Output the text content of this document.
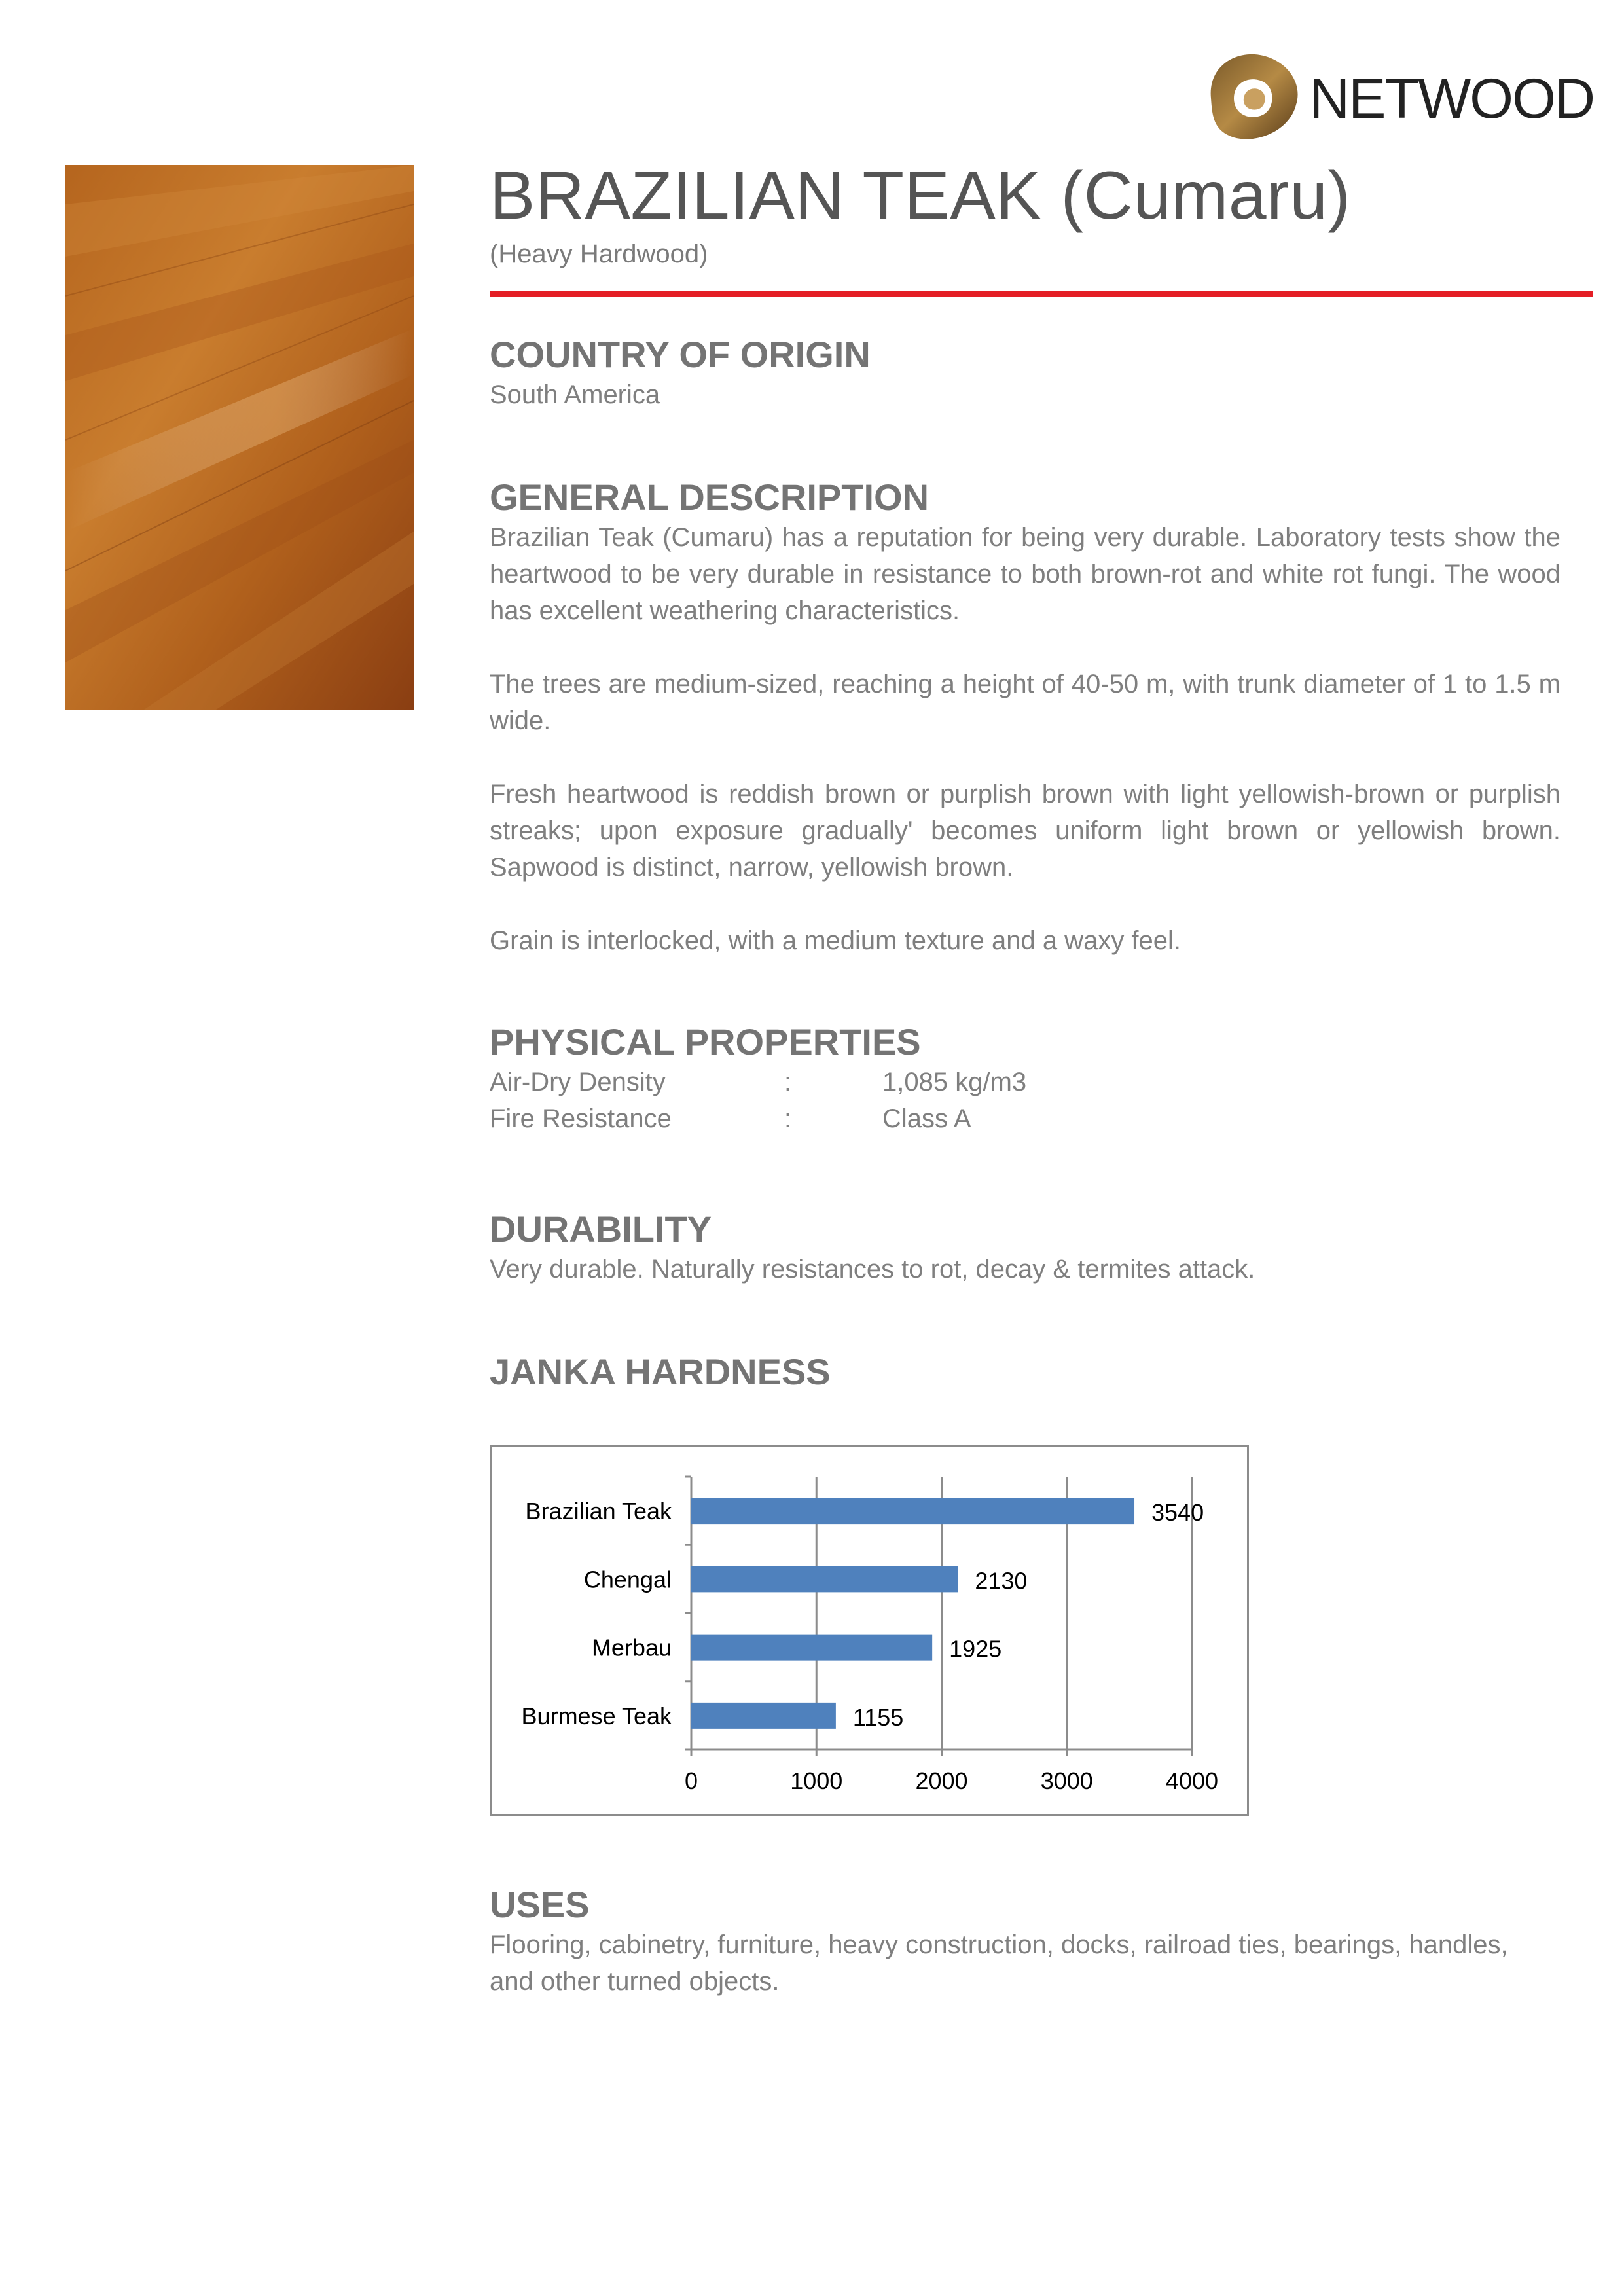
NETWOOD
BRAZILIAN TEAK (Cumaru)
(Heavy Hardwood)
COUNTRY OF ORIGIN
South America
GENERAL DESCRIPTION

Brazilian Teak (Cumaru) has a reputation for being very durable. Laboratory tests show the heartwood to be very durable in resistance to both brown-rot and white rot fungi. The wood has excellent weathering characteristics.

The trees are medium-sized, reaching a height of 40-50 m, with trunk diameter of 1 to 1.5 m wide.

Fresh heartwood is reddish brown or purplish brown with light yellowish-brown or purplish streaks; upon exposure gradually' becomes uniform light brown or yellowish brown. Sapwood is distinct, narrow, yellowish brown.

Grain is interlocked, with a medium texture and a waxy feel.

PHYSICAL PROPERTIES
Air-Dry Density	:	1,085 kg/m3
Fire Resistance	:	Class A
DURABILITY
Very durable. Naturally resistances to rot, decay & termites attack.
JANKA HARDNESS
USES
Flooring, cabinetry, furniture, heavy construction, docks, railroad ties, bearings, handles, and other turned objects.
0	1000	2000	3000	4000
Brazilian Teak	3540
Chengal	2130
Merbau	1925
Burmese Teak	1155
